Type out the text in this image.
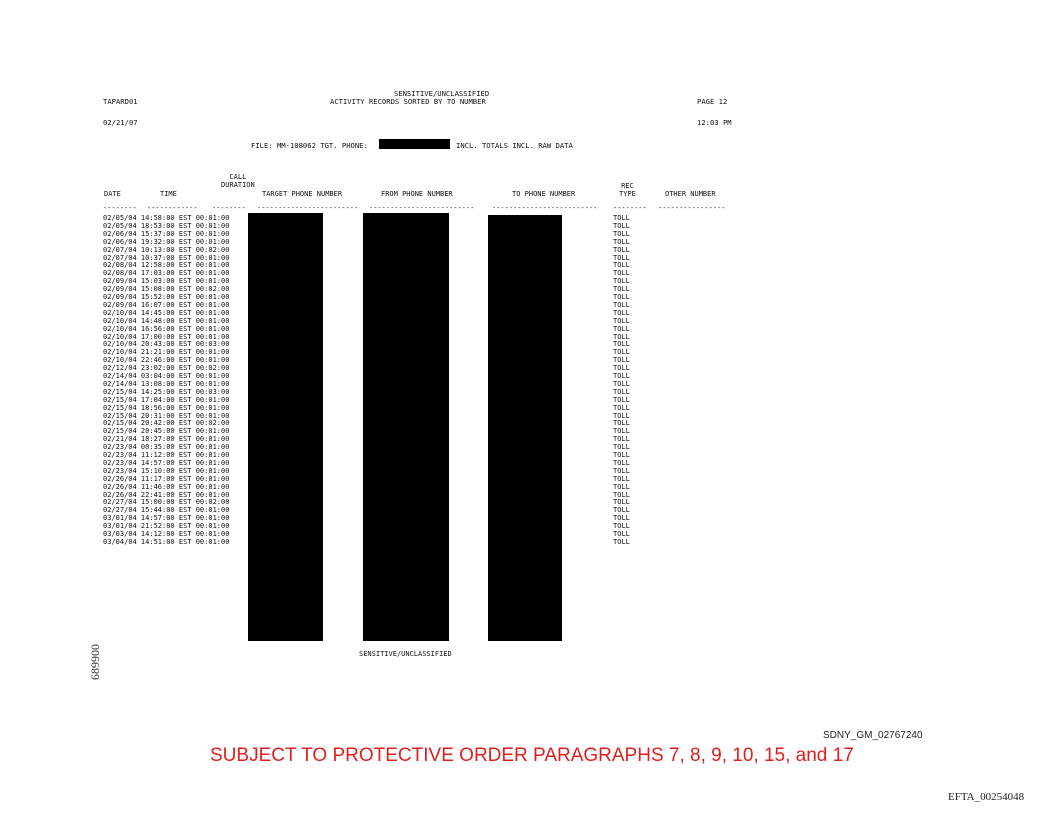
TAPARD01
SENSITIVE/UNCLASSIFIED
ACTIVITY RECORDS SORTED BY TO NUMBER	PAGE 12
02/21/07	12:03 PM
FILE: MM-108062 TGT. PHONE:	INCL. TOTALS INCL. RAW DATA
CALL
DURATION
DATE	TIME	TARGET PHONE NUMBER	FROM PHONE NUMBER	TO PHONE NUMBER
REC
TYPE	OTHER NUMBER
--------	------------	--------	------------------------	-------------------------	-------------------------	--------	----------------
02/05/04 14:58:00 EST 00:01:00	TOLL
02/05/04 18:53:00 EST 00:01:00	TOLL
02/06/04 15:37:00 EST 00:01:00	TOLL
02/06/04 19:32:00 EST 00:01:00	TOLL
02/07/04 10:13:00 EST 00:02:00	TOLL
02/07/04 10:37:00 EST 00:01:00	TOLL
02/08/04 12:58:00 EST 00:01:00	TOLL
02/08/04 17:03:00 EST 00:01:00	TOLL
02/09/04 15:03:00 EST 00:01:00	TOLL
02/09/04 15:08:00 EST 00:02:00	TOLL
02/09/04 15:52:00 EST 00:01:00	TOLL
02/09/04 16:07:00 EST 00:01:00	TOLL
02/10/04 14:45:00 EST 00:01:00	TOLL
02/10/04 14:48:00 EST 00:01:00	TOLL
02/10/04 16:56:00 EST 00:01:00	TOLL
02/10/04 17:00:00 EST 00:01:00	TOLL
02/10/04 20:43:00 EST 00:03:00	TOLL
02/10/04 21:21:00 EST 00:01:00	TOLL
02/10/04 22:46:00 EST 00:01:00	TOLL
02/12/04 23:02:00 EST 00:02:00	TOLL
02/14/04 03:04:00 EST 00:01:00	TOLL
02/14/04 13:08:00 EST 00:01:00	TOLL
02/15/04 14:25:00 EST 00:03:00	TOLL
02/15/04 17:04:00 EST 00:01:00	TOLL
02/15/04 18:56:00 EST 00:01:00	TOLL
02/15/04 20:31:00 EST 00:01:00	TOLL
02/15/04 20:42:00 EST 00:02:00	TOLL
02/15/04 20:45:00 EST 00:01:00	TOLL
02/21/04 18:27:00 EST 00:01:00	TOLL
02/23/04 00:35:00 EST 00:01:00	TOLL
02/23/04 11:12:00 EST 00:01:00	TOLL
02/23/04 14:57:00 EST 00:01:00	TOLL
02/23/04 15:10:00 EST 00:01:00	TOLL
02/26/04 11:17:00 EST 00:01:00	TOLL
02/26/04 11:46:00 EST 00:01:00	TOLL
02/26/04 22:41:00 EST 00:01:00	TOLL
02/27/04 15:00:00 EST 00:02:00	TOLL
02/27/04 15:44:00 EST 00:01:00	TOLL
03/01/04 14:57:00 EST 00:01:00	TOLL
03/01/04 21:52:00 EST 00:01:00	TOLL
03/03/04 14:12:00 EST 00:01:00	TOLL
03/04/04 14:51:00 EST 00:01:00	TOLL
SENSITIVE/UNCLASSIFIED
689900
SDNY_GM_02767240
SUBJECT TO PROTECTIVE ORDER PARAGRAPHS 7, 8, 9, 10, 15, and 17
EFTA_00254048
